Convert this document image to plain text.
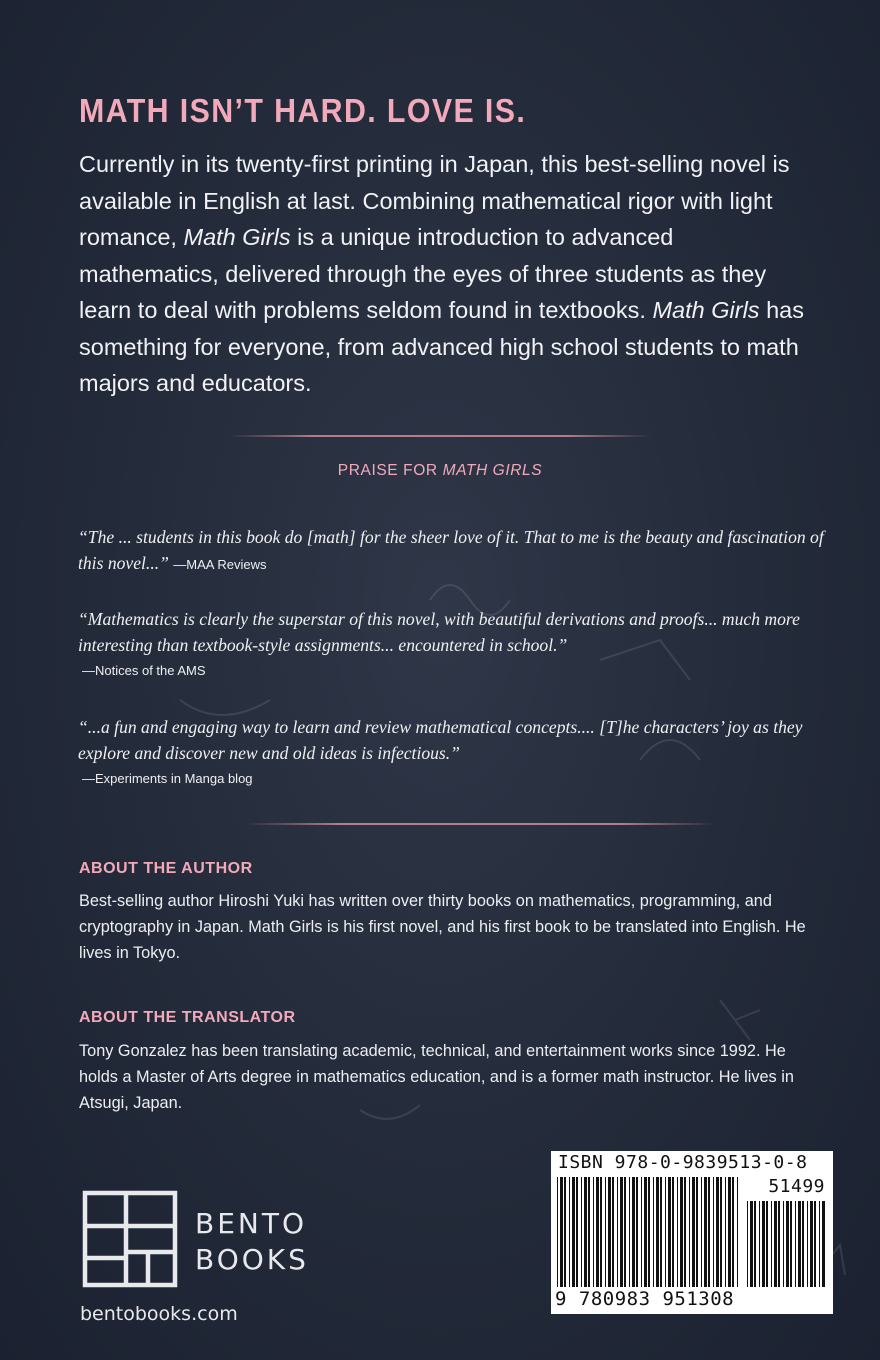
MATH ISN’T HARD. LOVE IS.

Currently in its twenty-first printing in Japan, this best-selling novel is available in English at last. Combining mathematical rigor with light romance, Math Girls is a unique introduction to advanced mathematics, delivered through the eyes of three students as they learn to deal with problems seldom found in textbooks. Math Girls has something for everyone, from advanced high school students to math majors and educators.

PRAISE FOR MATH GIRLS

“The ... students in this book do [math] for the sheer love of it. That to me is the beauty and fascination of this novel...” —MAA Reviews

“Mathematics is clearly the superstar of this novel, with beautiful derivations and proofs... much more interesting than textbook-style assignments... encountered in school.”
—Notices of the AMS

“...a fun and engaging way to learn and review mathematical concepts.... [T]he characters’ joy as they explore and discover new and old ideas is infectious.”
—Experiments in Manga blog

ABOUT THE AUTHOR

Best-selling author Hiroshi Yuki has written over thirty books on mathematics, programming, and cryptography in Japan. Math Girls is his first novel, and his first book to be translated into English. He lives in Tokyo.

ABOUT THE TRANSLATOR

Tony Gonzalez has been translating academic, technical, and entertainment works since 1992. He holds a Master of Arts degree in mathematics education, and is a former math instructor. He lives in Atsugi, Japan.

BENTO
BOOKS
bentobooks.com
ISBN 978-0-9839513-0-8
51499
9 780983 951308
